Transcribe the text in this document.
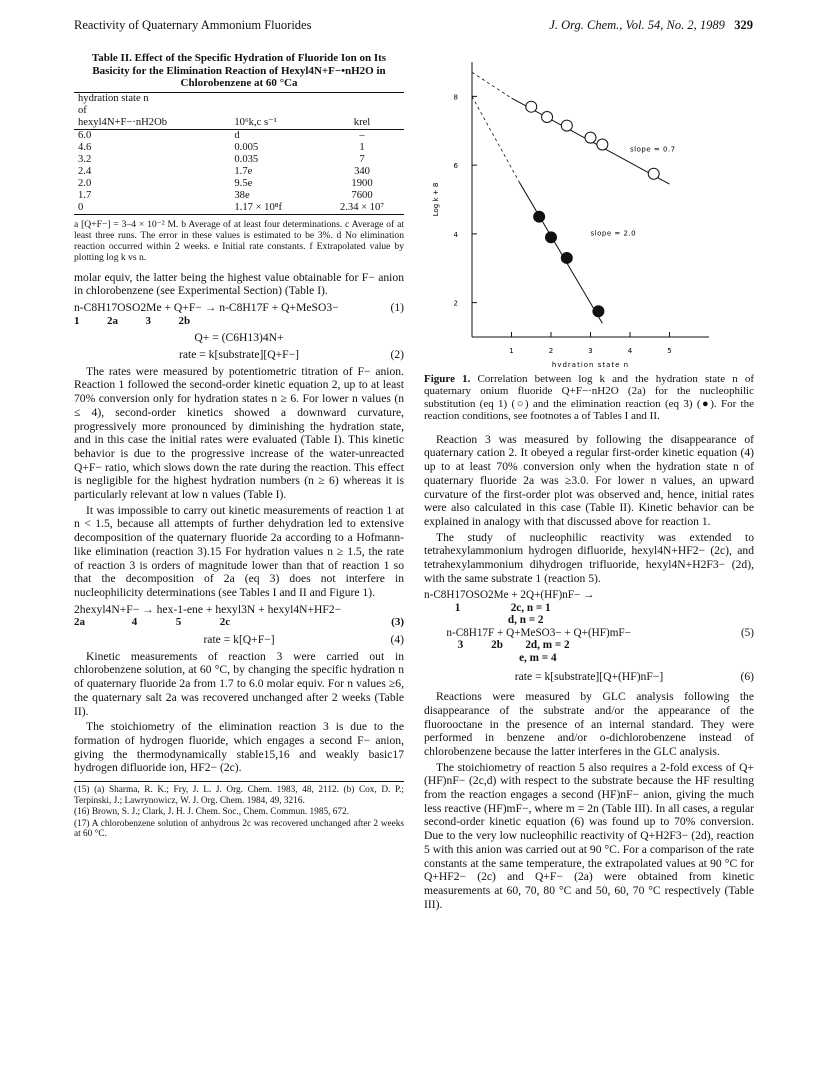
Reactivity of Quaternary Ammonium Fluorides	J. Org. Chem., Vol. 54, No. 2, 1989 329
Table II. Effect of the Specific Hydration of Fluoride Ion on Its Basicity for the Elimination Reaction of Hexyl4N+F−•nH2O in Chlorobenzene at 60 °Ca
hydration state n		
of		
hexyl4N+F−·nH2Ob	10⁶k,c s⁻¹	krel
6.0	d	–
4.6	0.005	1
3.2	0.035	7
2.4	1.7e	340
2.0	9.5e	1900
1.7	38e	7600
0	1.17 × 10⁸f	2.34 × 10⁷
a [Q+F−] = 3–4 × 10⁻² M. b Average of at least four determinations. c Average of at least three runs. The error in these values is estimated to be 3%. d No elimination reaction occurred within 2 weeks. e Initial rate constants. f Extrapolated value by plotting log k vs n.

molar equiv, the latter being the highest value obtainable for F− anion in chlorobenzene (see Experimental Section) (Table I).

n-C8H17OSO2Me + Q+F− → n-C8H17F + Q+MeSO3−	(1)
1          2a          3          2b
Q+ = (C6H13)4N+
rate = k[substrate][Q+F−]	(2)

The rates were measured by potentiometric titration of F− anion. Reaction 1 followed the second-order kinetic equation 2, up to at least 70% conversion only for hydration states n ≥ 6. For lower n values (n ≤ 4), second-order kinetics showed a downward curvature, progressively more pronounced by diminishing the hydration state, and in this case the initial rates were evaluated (Table I). This kinetic behavior is due to the progressive increase of the water-unreacted Q+F− ratio, which slows down the rate during the reaction. This effect is negligible for the highest hydration numbers (n ≥ 6) whereas it is particularly relevant at low n values (Table I).

It was impossible to carry out kinetic measurements of reaction 1 at n < 1.5, because all attempts of further dehydration led to extensive decomposition of the quaternary fluoride 2a according to a Hofmann-like elimination (reaction 3).15 For hydration values n ≥ 1.5, the rate of reaction 3 is orders of magnitude lower than that of reaction 1 so that the decomposition of 2a (eq 3) does not interfere in nucleophilicity determinations (see Tables I and II and Figure 1).

2hexyl4N+F− → hex-1-ene + hexyl3N + hexyl4N+HF2−
2a                 4              5              2c	(3)
rate = k[Q+F−]	(4)

Kinetic measurements of reaction 3 were carried out in chlorobenzene solution, at 60 °C, by changing the specific hydration n of quaternary fluoride 2a from 1.7 to 6.0 molar equiv. For n values ≥6, the quaternary salt 2a was recovered unchanged after 2 weeks (Table II).

The stoichiometry of the elimination reaction 3 is due to the formation of hydrogen fluoride, which engages a second F− anion, giving the thermodynamically stable15,16 and weakly basic17 hydrogen difluoride ion, HF2− (2c).

(15) (a) Sharma, R. K.; Fry, J. L. J. Org. Chem. 1983, 48, 2112. (b) Cox, D. P.; Terpinski, J.; Lawrynowicz, W. J. Org. Chem. 1984, 49, 3216.
(16) Brown, S. J.; Clark, J. H. J. Chem. Soc., Chem. Commun. 1985, 672.
(17) A chlorobenzene solution of anhydrous 2c was recovered unchanged after 2 weeks at 60 °C.
1	2	3	4	5
2
4
6
8
hydration state n
Log k + 8
slope = 0.7
slope = 2.0
Figure 1. Correlation between log k and the hydration state n of quaternary onium fluoride Q+F−·nH2O (2a) for the nucleophilic substitution (eq 1) (○) and the elimination reaction (eq 3) (●). For the reaction conditions, see footnotes a of Tables I and II.

Reaction 3 was measured by following the disappearance of quaternary cation 2. It obeyed a regular first-order kinetic equation (4) up to at least 70% conversion only when the hydration state n of quaternary fluoride 2a was ≥3.0. For lower n values, an upward curvature of the first-order plot was observed and, hence, initial rates were also calculated in this case (Table II). Kinetic behavior can be explained in analogy with that discussed above for reaction 1.

The study of nucleophilic reactivity was extended to tetrahexylammonium hydrogen difluoride, hexyl4N+HF2− (2c), and tetrahexylammonium dihydrogen trifluoride, hexyl4N+H2F3− (2d), with the same substrate 1 (reaction 5).

n-C8H17OSO2Me + 2Q+(HF)nF− →
1                  2c, n = 1
d, n = 2
n-C8H17F + Q+MeSO3− + Q+(HF)mF−	(5)
3          2b        2d, m = 2
e, m = 4
rate = k[substrate][Q+(HF)nF−]	(6)

Reactions were measured by GLC analysis following the disappearance of the substrate and/or the appearance of the fluorooctane in the presence of an internal standard. They were performed in benzene and/or o-dichlorobenzene instead of chlorobenzene because the latter interferes in the GLC analysis.

The stoichiometry of reaction 5 also requires a 2-fold excess of Q+(HF)nF− (2c,d) with respect to the substrate because the HF resulting from the reaction engages a second (HF)nF− anion, giving the much less reactive (HF)mF−, where m = 2n (Table III). In all cases, a regular second-order kinetic equation (6) was found up to 70% conversion. Due to the very low nucleophilic reactivity of Q+H2F3− (2d), reaction 5 with this anion was carried out at 90 °C. For a comparison of the rate constants at the same temperature, the extrapolated values at 90 °C for Q+HF2− (2c) and Q+F− (2a) were obtained from kinetic measurements at 60, 70, 80 °C and 50, 60, 70 °C respectively (Table III).
